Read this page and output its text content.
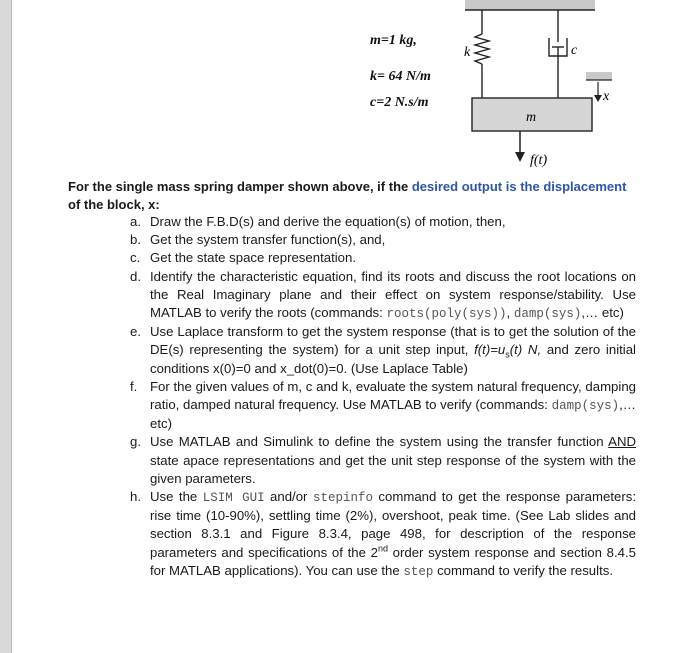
m=1 kg,
k= 64 N/m
c=2 N.s/m
k	c
m
x
f(t)
For the single mass spring damper shown above, if the desired output is the displacement of the block, x:
a. Draw the F.B.D(s) and derive the equation(s) of motion, then,
b. Get the system transfer function(s), and,
c. Get the state space representation.
d. Identify the characteristic equation, find its roots and discuss the root locations on the Real Imaginary plane and their effect on system response/stability. Use MATLAB to verify the roots (commands: roots(poly(sys)), damp(sys),… etc)
e. Use Laplace transform to get the system response (that is to get the solution of the DE(s) representing the system) for a unit step input, $f(t)=u_s(t)$ N, and zero initial conditions x(0)=0 and x_dot(0)=0. (Use Laplace Table)
f. For the given values of m, c and k, evaluate the system natural frequency, damping ratio, damped natural frequency. Use MATLAB to verify (commands: damp(sys),… etc)
g. Use MATLAB and Simulink to define the system using the transfer function AND state apace representations and get the unit step response of the system with the given parameters.
h. Use the LSIM GUI and/or stepinfo command to get the response parameters: rise time (10-90%), settling time (2%), overshoot, peak time. (See Lab slides and section 8.3.1 and Figure 8.3.4, page 498, for description of the response parameters and specifications of the 2nd order system response and section 8.4.5 for MATLAB applications). You can use the step command to verify the results.
